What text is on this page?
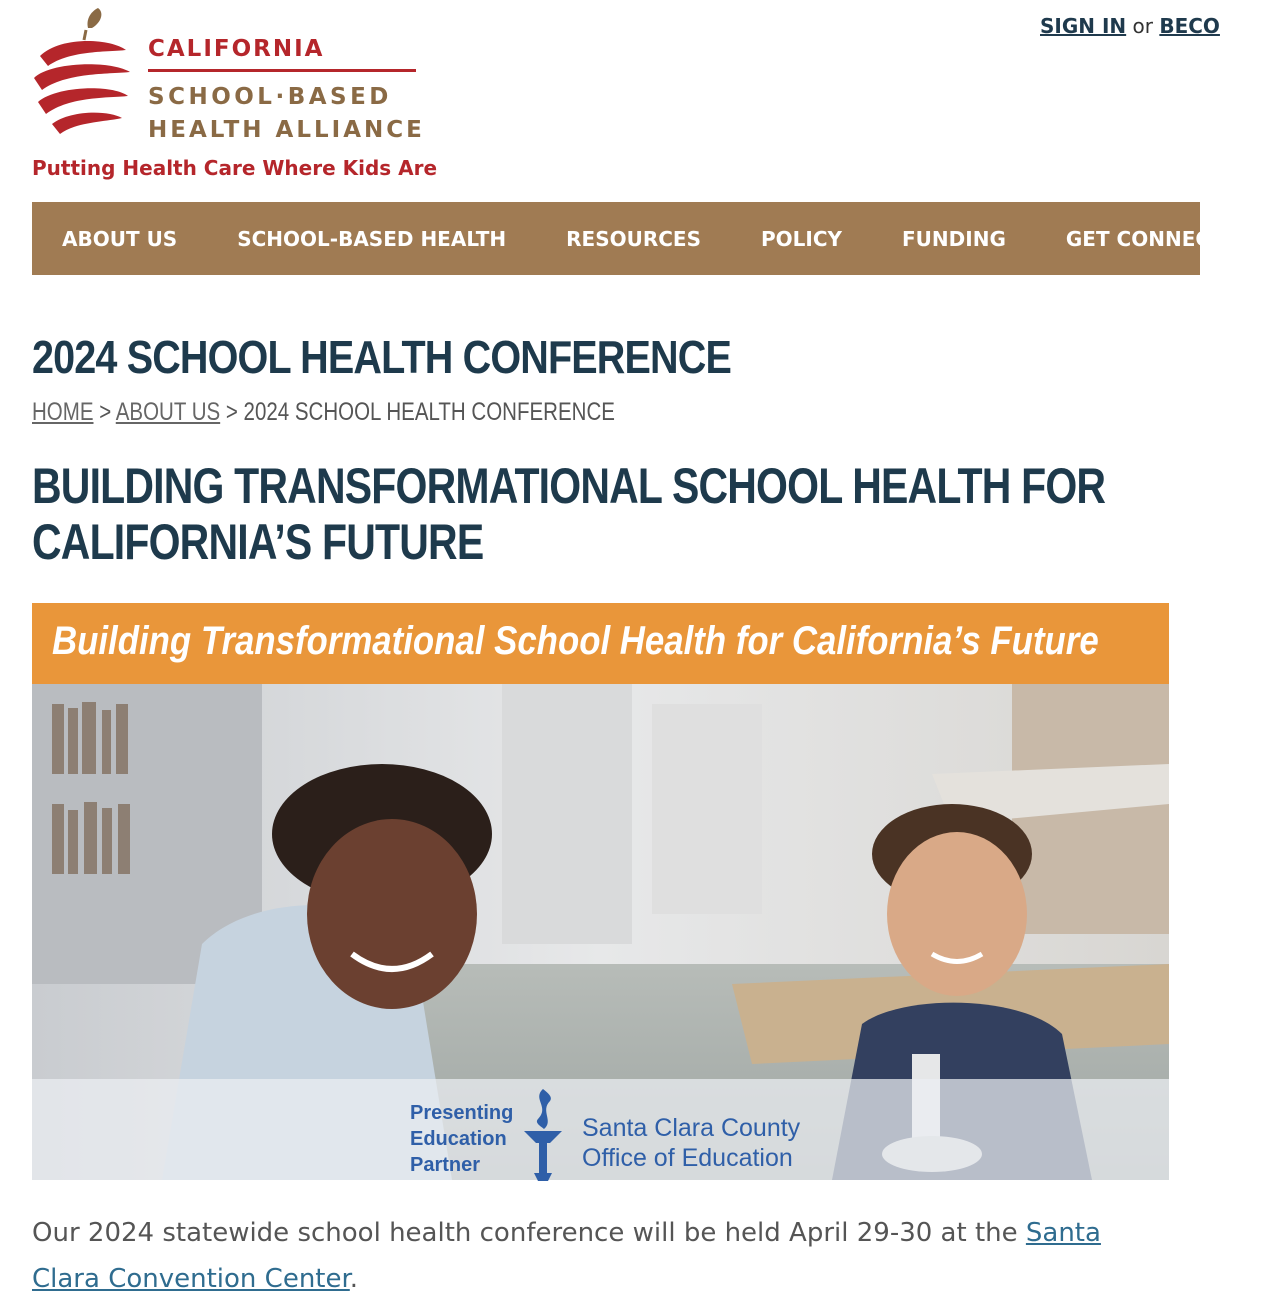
CALIFORNIA
SCHOOL·BASED
HEALTH ALLIANCE
Putting Health Care Where Kids Are
SIGN IN or BECO
ABOUT US	SCHOOL-BASED HEALTH	RESOURCES	POLICY	FUNDING	GET CONNECTED
2024 SCHOOL HEALTH CONFERENCE
HOME > ABOUT US > 2024 SCHOOL HEALTH CONFERENCE
BUILDING TRANSFORMATIONAL SCHOOL HEALTH FOR
CALIFORNIA’S FUTURE
Building Transformational School Health for California’s Future
Presenting
Education
Partner
Santa Clara County
Office of Education

Our 2024 statewide school health conference will be held April 29-30 at the Santa Clara Convention Center.
